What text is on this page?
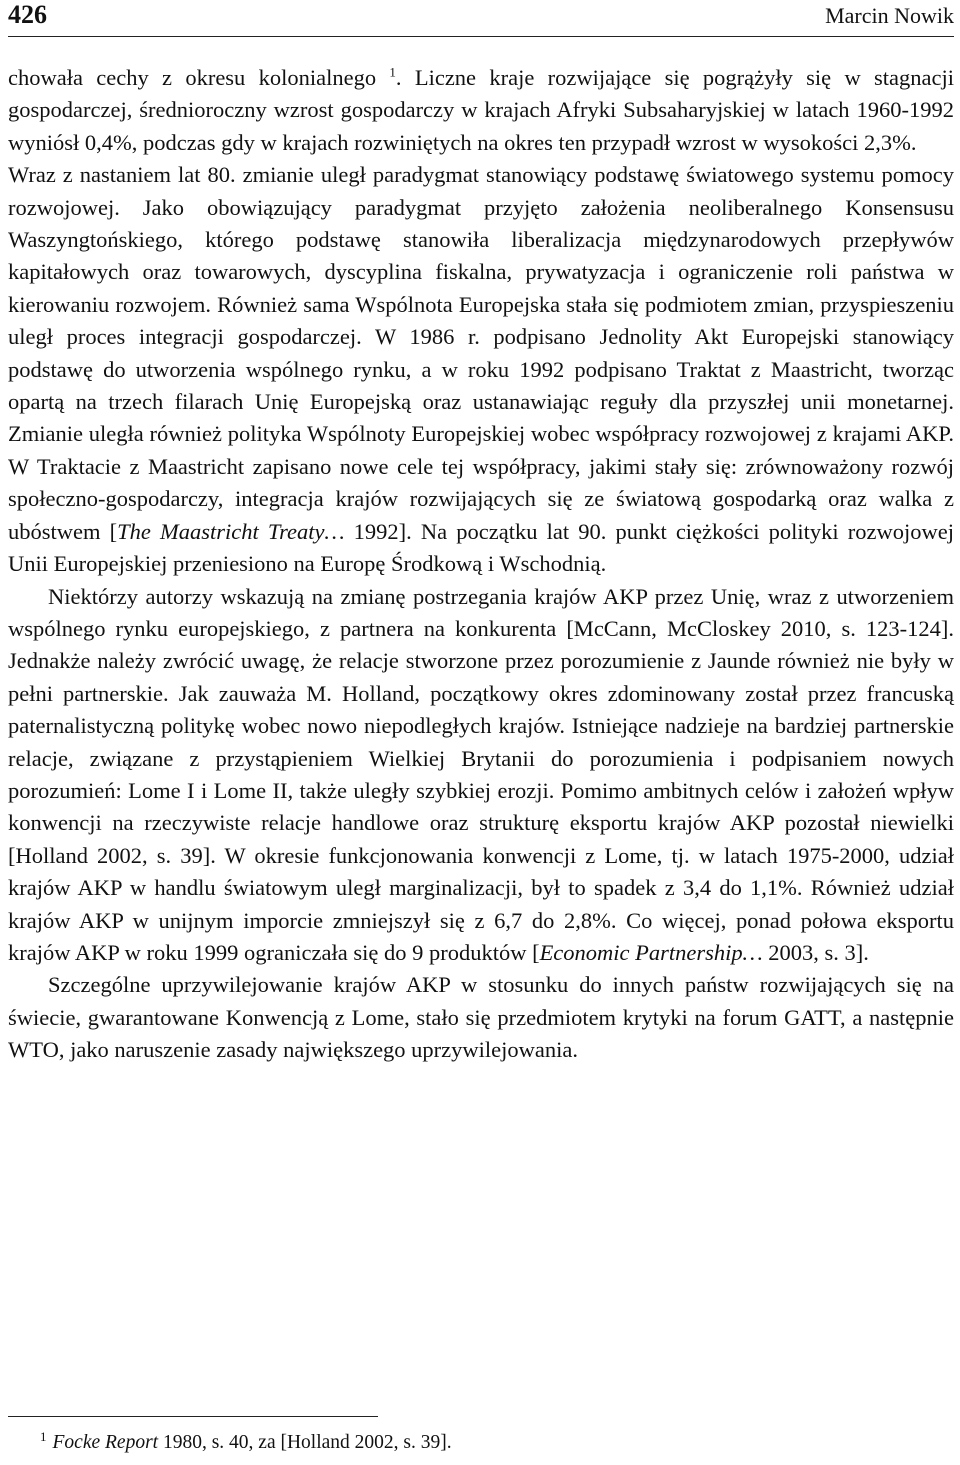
426	Marcin Nowik

chowała cechy z okresu kolonialnego $^1$. Liczne kraje rozwijające się pogrążyły się w stagnacji gospodarczej, średnioroczny wzrost gospodarczy w krajach Afryki Subsaharyjskiej w latach 1960-1992 wyniósł 0,4%, podczas gdy w krajach rozwiniętych na okres ten przypadł wzrost w wysokości 2,3%.

Wraz z nastaniem lat 80. zmianie uległ paradygmat stanowiący podstawę światowego systemu pomocy rozwojowej. Jako obowiązujący paradygmat przyjęto założenia neoliberalnego Konsensusu Waszyngtońskiego, którego podstawę stanowiła liberalizacja międzynarodowych przepływów kapitałowych oraz towarowych, dyscyplina fiskalna, prywatyzacja i ograniczenie roli państwa w kierowaniu rozwojem. Również sama Wspólnota Europejska stała się podmiotem zmian, przyspieszeniu uległ proces integracji gospodarczej. W 1986 r. podpisano Jednolity Akt Europejski stanowiący podstawę do utworzenia wspólnego rynku, a w roku 1992 podpisano Traktat z Maastricht, tworząc opartą na trzech filarach Unię Europejską oraz ustanawiając reguły dla przyszłej unii monetarnej. Zmianie uległa również polityka Wspólnoty Europejskiej wobec współpracy rozwojowej z krajami AKP. W Traktacie z Maastricht zapisano nowe cele tej współpracy, jakimi stały się: zrównoważony rozwój społeczno-gospodarczy, integracja krajów rozwijających się ze światową gospodarką oraz walka z ubóstwem [The Maastricht Treaty… 1992]. Na początku lat 90. punkt ciężkości polityki rozwojowej Unii Europejskiej przeniesiono na Europę Środkową i Wschodnią.

Niektórzy autorzy wskazują na zmianę postrzegania krajów AKP przez Unię, wraz z utworzeniem wspólnego rynku europejskiego, z partnera na konkurenta [McCann, McCloskey 2010, s. 123-124]. Jednakże należy zwrócić uwagę, że relacje stworzone przez porozumienie z Jaunde również nie były w pełni partnerskie. Jak zauważa M. Holland, początkowy okres zdominowany został przez francuską paternalistyczną politykę wobec nowo niepodległych krajów. Istniejące nadzieje na bardziej partnerskie relacje, związane z przystąpieniem Wielkiej Brytanii do porozumienia i podpisaniem nowych porozumień: Lome I i Lome II, także uległy szybkiej erozji. Pomimo ambitnych celów i założeń wpływ konwencji na rzeczywiste relacje handlowe oraz strukturę eksportu krajów AKP pozostał niewielki [Holland 2002, s. 39]. W okresie funkcjonowania konwencji z Lome, tj. w latach 1975-2000, udział krajów AKP w handlu światowym uległ marginalizacji, był to spadek z 3,4 do 1,1%. Również udział krajów AKP w unijnym imporcie zmniejszył się z 6,7 do 2,8%. Co więcej, ponad połowa eksportu krajów AKP w roku 1999 ograniczała się do 9 produktów [Economic Partnership… 2003, s. 3].

Szczególne uprzywilejowanie krajów AKP w stosunku do innych państw rozwijających się na świecie, gwarantowane Konwencją z Lome, stało się przedmiotem krytyki na forum GATT, a następnie WTO, jako naruszenie zasady największego uprzywilejowania.

$^1$ Focke Report 1980, s. 40, za [Holland 2002, s. 39].
